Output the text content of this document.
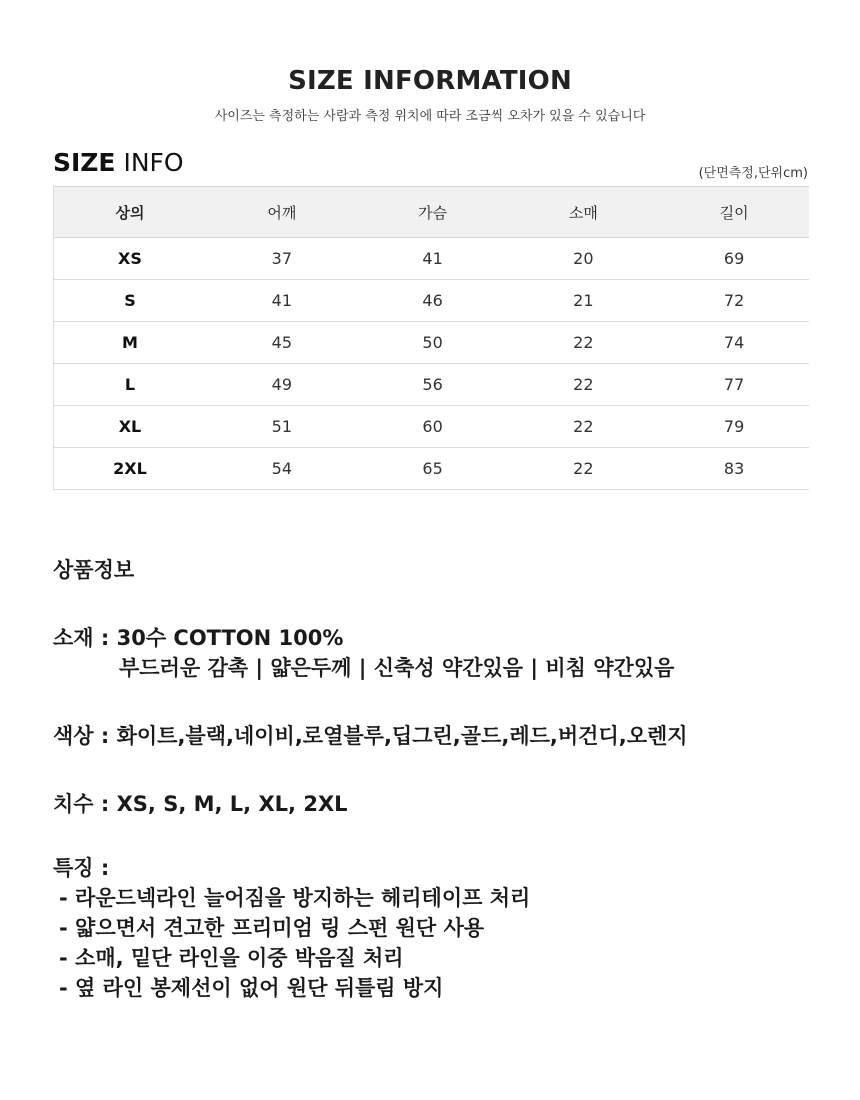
SIZE INFORMATION
사이즈는 측정하는 사람과 측정 위치에 따라 조금씩 오차가 있을 수 있습니다
SIZE INFO	(단면측정,단위cm)
상의	어깨	가슴	소매	길이
XS	37	41	20	69
S	41	46	21	72
M	45	50	22	74
L	49	56	22	77
XL	51	60	22	79
2XL	54	65	22	83
상품정보
소재 : 30수 COTTON 100%
부드러운 감촉 | 얇은두께 | 신축성 약간있음 | 비침 약간있음
색상 : 화이트,블랙,네이비,로열블루,딥그린,골드,레드,버건디,오렌지
치수 : XS, S, M, L, XL, 2XL
특징 :
- 라운드넥라인 늘어짐을 방지하는 헤리테이프 처리
- 얇으면서 견고한 프리미엄 링 스펀 원단 사용
- 소매, 밑단 라인을 이중 박음질 처리
- 옆 라인 봉제선이 없어 원단 뒤틀림 방지
